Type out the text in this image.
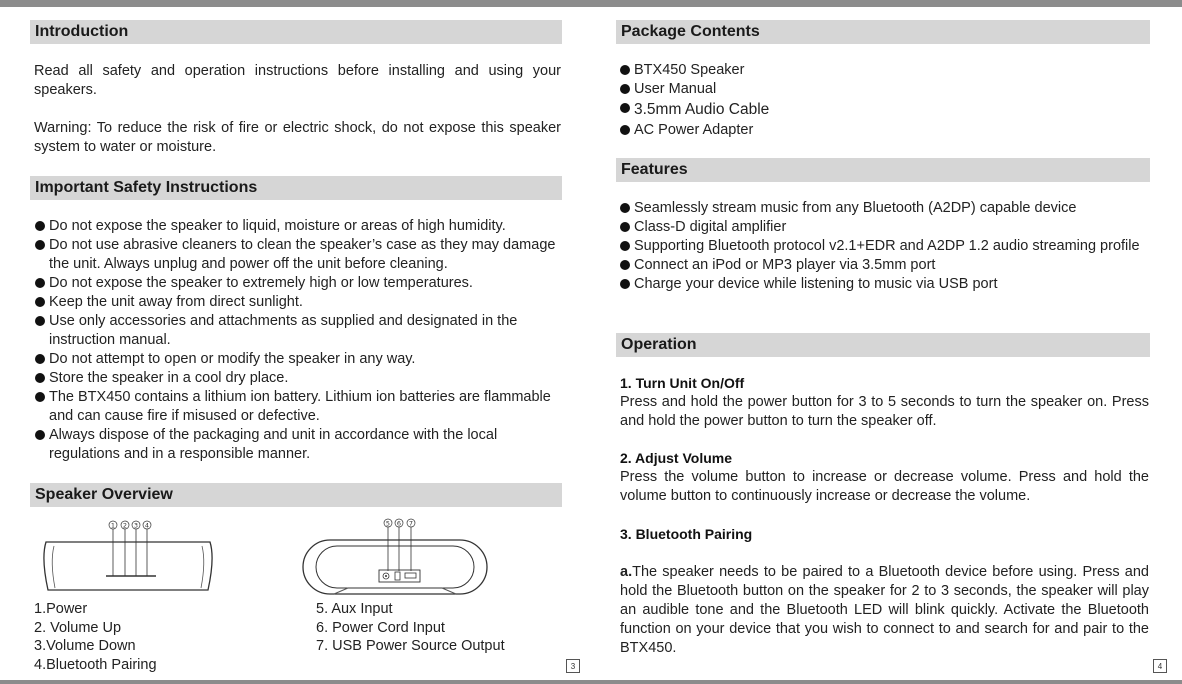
Introduction
Read all safety and operation instructions before installing and using your speakers.
Warning: To reduce the risk of fire or electric shock, do not expose this speaker system to water or moisture.
Important Safety Instructions
Do not expose the speaker to liquid, moisture or areas of high humidity.
Do not use abrasive cleaners to clean the speaker’s case as they may damage the unit. Always unplug and power off the unit before cleaning.
Do not expose the speaker to extremely high or low temperatures.
Keep the unit away from direct sunlight.
Use only accessories and attachments as supplied and designated in the instruction manual.
Do not attempt to open or modify the speaker in any way.
Store the speaker in a cool dry place.
The BTX450 contains a lithium ion battery. Lithium ion batteries are flammable and can cause fire if misused or defective.
Always dispose of the packaging and unit in accordance with the local regulations and in a responsible manner.
Speaker Overview
1 2 3 4	5 6 7
1.Power
2. Volume Up
3.Volume Down
4.Bluetooth Pairing
5. Aux Input
6. Power Cord Input
7. USB Power Source Output
3
Package Contents
BTX450 Speaker
User Manual
3.5mm Audio Cable
AC Power Adapter
Features
Seamlessly stream music from any Bluetooth (A2DP) capable device
Class-D digital amplifier
Supporting Bluetooth protocol v2.1+EDR and A2DP 1.2 audio streaming profile
Connect an iPod or MP3 player via 3.5mm port
Charge your device while listening to music via USB port
Operation
1. Turn Unit On/Off
Press and hold the power button for 3 to 5 seconds to turn the speaker on. Press and hold the power button to turn the speaker off.
2. Adjust Volume
Press the volume button to increase or decrease volume. Press and hold the volume button to continuously increase or decrease the volume.
3. Bluetooth Pairing
a.The speaker needs to be paired to a Bluetooth device before using. Press and hold the Bluetooth button on the speaker for 2 to 3 seconds, the speaker will play an audible tone and the Bluetooth LED will blink quickly. Activate the Bluetooth function on your device that you wish to connect to and search for and pair to the BTX450.
4
